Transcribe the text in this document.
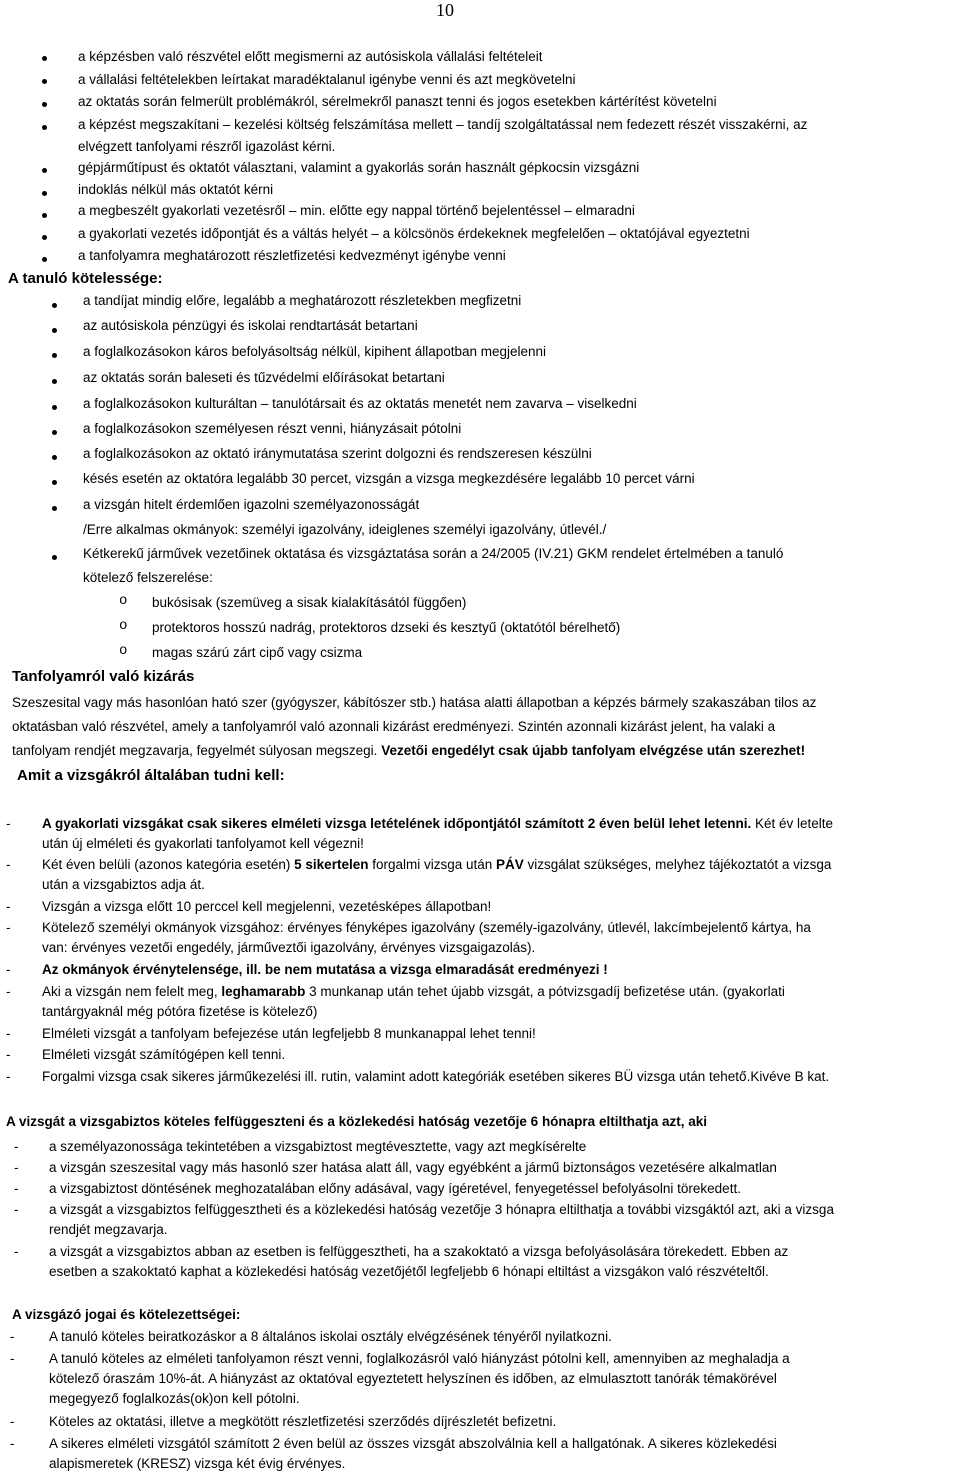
10
a képzésben való részvétel előtt megismerni az autósiskola vállalási feltételeit
a vállalási feltételekben leírtakat maradéktalanul igénybe venni és azt megkövetelni
az oktatás során felmerült problémákról, sérelmekről panaszt tenni és jogos esetekben kártérítést követelni
a képzést megszakítani – kezelési költség felszámítása mellett – tandíj szolgáltatással nem fedezett részét visszakérni, az
elvégzett tanfolyami részről igazolást kérni.
gépjárműtípust és oktatót választani, valamint a gyakorlás során használt gépkocsin vizsgázni
indoklás nélkül más oktatót kérni
a megbeszélt gyakorlati vezetésről – min. előtte egy nappal történő bejelentéssel – elmaradni
a gyakorlati vezetés időpontját és a váltás helyét – a kölcsönös érdekeknek megfelelően – oktatójával egyeztetni
a tanfolyamra meghatározott részletfizetési kedvezményt igénybe venni
A tanuló kötelessége:
a tandíjat mindig előre, legalább a meghatározott részletekben megfizetni
az autósiskola pénzügyi és iskolai rendtartását betartani
a foglalkozásokon káros befolyásoltság nélkül, kipihent állapotban megjelenni
az oktatás során baleseti és tűzvédelmi előírásokat betartani
a foglalkozásokon kulturáltan – tanulótársait és az oktatás menetét nem zavarva – viselkedni
a foglalkozásokon személyesen részt venni, hiányzásait pótolni
a foglalkozásokon az oktató iránymutatása szerint dolgozni és rendszeresen készülni
késés esetén az oktatóra legalább 30 percet, vizsgán a vizsga megkezdésére legalább 10 percet várni
a vizsgán hitelt érdemlően igazolni személyazonosságát
/Erre alkalmas okmányok: személyi igazolvány, ideiglenes személyi igazolvány, útlevél./
Kétkerekű járművek vezetőinek oktatása és vizsgáztatása során a 24/2005 (IV.21) GKM rendelet értelmében a tanuló
kötelező felszerelése:
o bukósisak (szemüveg a sisak kialakításától függően)
o protektoros hosszú nadrág, protektoros dzseki és kesztyű (oktatótól bérelhető)
o magas szárú zárt cipő vagy csizma
Tanfolyamról való kizárás
Szeszesital vagy más hasonlóan ható szer (gyógyszer, kábítószer stb.) hatása alatti állapotban a képzés bármely szakaszában tilos az
oktatásban való részvétel, amely a tanfolyamról való azonnali kizárást eredményezi. Szintén azonnali kizárást jelent, ha valaki a
tanfolyam rendjét megzavarja, fegyelmét súlyosan megszegi. Vezetői engedélyt csak újabb tanfolyam elvégzése után szerezhet!
Amit a vizsgákról általában tudni kell:
- A gyakorlati vizsgákat csak sikeres elméleti vizsga letételének időpontjától számított 2 éven belül lehet letenni. Két év letelte
után új elméleti és gyakorlati tanfolyamot kell végezni!
- Két éven belüli (azonos kategória esetén) 5 sikertelen forgalmi vizsga után PÁV vizsgálat szükséges, melyhez tájékoztatót a vizsga
után a vizsgabiztos adja át.
- Vizsgán a vizsga előtt 10 perccel kell megjelenni, vezetésképes állapotban!
- Kötelező személyi okmányok vizsgához: érvényes fényképes igazolvány (személy-igazolvány, útlevél, lakcímbejelentő kártya, ha
van: érvényes vezetői engedély, járműveztői igazolvány, érvényes vizsgaigazolás).
- Az okmányok érvénytelensége, ill. be nem mutatása a vizsga elmaradását eredményezi !
- Aki a vizsgán nem felelt meg, leghamarabb 3 munkanap után tehet újabb vizsgát, a pótvizsgadíj befizetése után. (gyakorlati
tantárgyaknál még pótóra fizetése is kötelező)
- Elméleti vizsgát a tanfolyam befejezése után legfeljebb 8 munkanappal lehet tenni!
- Elméleti vizsgát számítógépen kell tenni.
- Forgalmi vizsga csak sikeres járműkezelési ill. rutin, valamint adott kategóriák esetében sikeres BÜ vizsga után tehető.Kivéve B kat.
A vizsgát a vizsgabiztos köteles felfüggeszteni és a közlekedési hatóság vezetője 6 hónapra eltilthatja azt, aki
- a személyazonossága tekintetében a vizsgabiztost megtévesztette, vagy azt megkísérelte
- a vizsgán szeszesital vagy más hasonló szer hatása alatt áll, vagy egyébként a jármű biztonságos vezetésére alkalmatlan
- a vizsgabiztost döntésének meghozatalában előny adásával, vagy ígéretével, fenyegetéssel befolyásolni törekedett.
- a vizsgát a vizsgabiztos felfüggesztheti és a közlekedési hatóság vezetője 3 hónapra eltilthatja a további vizsgáktól azt, aki a vizsga
rendjét megzavarja.
- a vizsgát a vizsgabiztos abban az esetben is felfüggesztheti, ha a szakoktató a vizsga befolyásolására törekedett. Ebben az
esetben a szakoktató kaphat a közlekedési hatóság vezetőjétől legfeljebb 6 hónapi eltiltást a vizsgákon való részvételtől.
A vizsgázó jogai és kötelezettségei:
-	A tanuló köteles beiratkozáskor a 8 általános iskolai osztály elvégzésének tényéről nyilatkozni.
-	A tanuló köteles az elméleti tanfolyamon részt venni, foglalkozásról való hiányzást pótolni kell, amennyiben az meghaladja a
kötelező óraszám 10%-át. A hiányzást az oktatóval egyeztetett helyszínen és időben, az elmulasztott tanórák témakörével
megegyező foglalkozás(ok)on kell pótolni.
-	Köteles az oktatási, illetve a megkötött részletfizetési szerződés díjrészletét befizetni.
-	A sikeres elméleti vizsgától számított 2 éven belül az összes vizsgát abszolválnia kell a hallgatónak. A sikeres közlekedési
alapismeretek (KRESZ) vizsga két évig érvényes.
